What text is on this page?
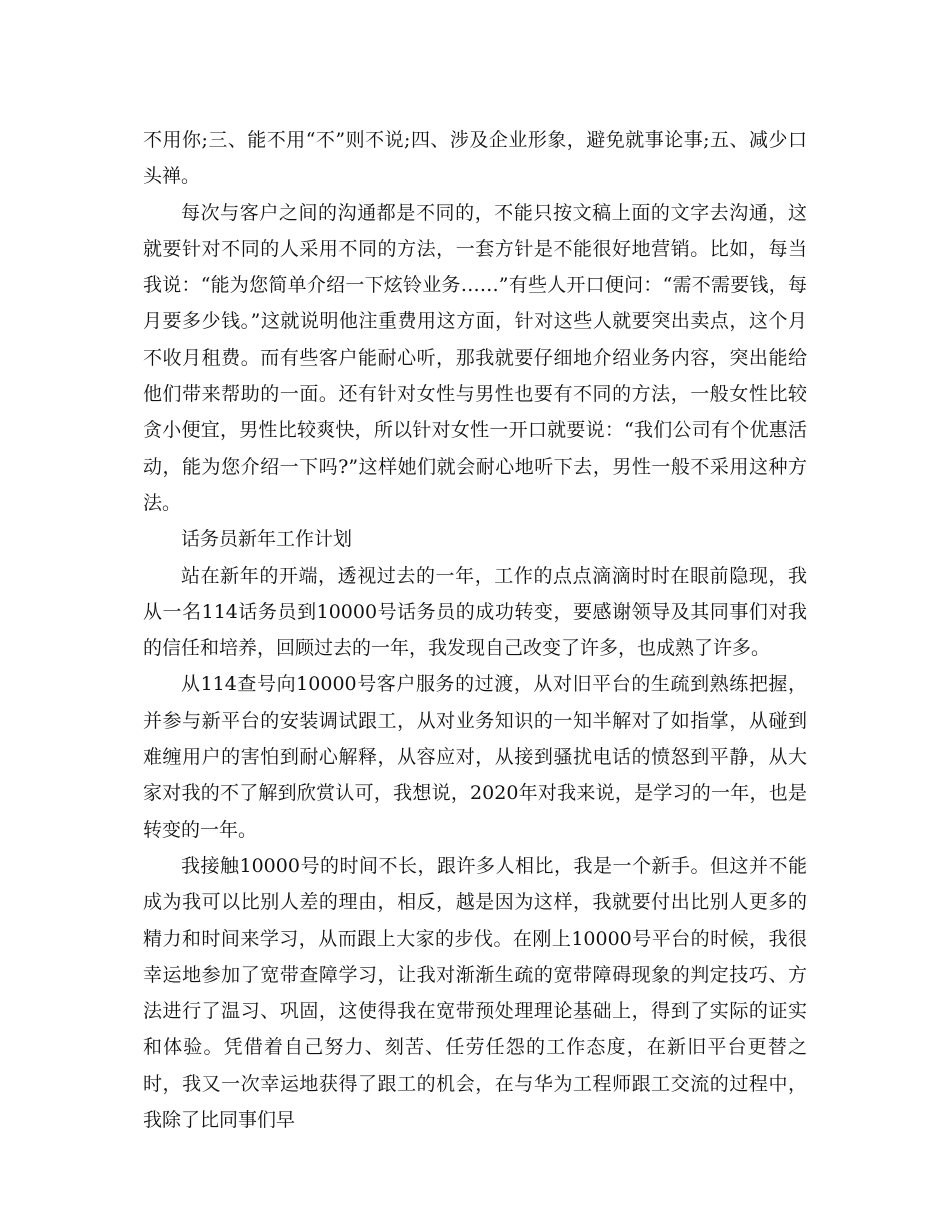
不用你;三、能不用“不”则不说;四、涉及企业形象，避免就事论事;五、减少口头禅。

每次与客户之间的沟通都是不同的，不能只按文稿上面的文字去沟通，这就要针对不同的人采用不同的方法，一套方针是不能很好地营销。比如，每当我说：“能为您简单介绍一下炫铃业务……”有些人开口便问：“需不需要钱，每月要多少钱。”这就说明他注重费用这方面，针对这些人就要突出卖点，这个月不收月租费。而有些客户能耐心听，那我就要仔细地介绍业务内容，突出能给他们带来帮助的一面。还有针对女性与男性也要有不同的方法，一般女性比较贪小便宜，男性比较爽快，所以针对女性一开口就要说：“我们公司有个优惠活动，能为您介绍一下吗?”这样她们就会耐心地听下去，男性一般不采用这种方法。

话务员新年工作计划

站在新年的开端，透视过去的一年，工作的点点滴滴时时在眼前隐现，我从一名114话务员到10000号话务员的成功转变，要感谢领导及其同事们对我的信任和培养，回顾过去的一年，我发现自己改变了许多，也成熟了许多。

从114查号向10000号客户服务的过渡，从对旧平台的生疏到熟练把握，并参与新平台的安装调试跟工，从对业务知识的一知半解对了如指掌，从碰到难缠用户的害怕到耐心解释，从容应对，从接到骚扰电话的愤怒到平静，从大家对我的不了解到欣赏认可，我想说，2020年对我来说，是学习的一年，也是转变的一年。

我接触10000号的时间不长，跟许多人相比，我是一个新手。但这并不能成为我可以比别人差的理由，相反，越是因为这样，我就要付出比别人更多的精力和时间来学习，从而跟上大家的步伐。在刚上10000号平台的时候，我很幸运地参加了宽带查障学习，让我对渐渐生疏的宽带障碍现象的判定技巧、方法进行了温习、巩固，这使得我在宽带预处理理论基础上，得到了实际的证实和体验。凭借着自己努力、刻苦、任劳任怨的工作态度，在新旧平台更替之时，我又一次幸运地获得了跟工的机会，在与华为工程师跟工交流的过程中，我除了比同事们早
